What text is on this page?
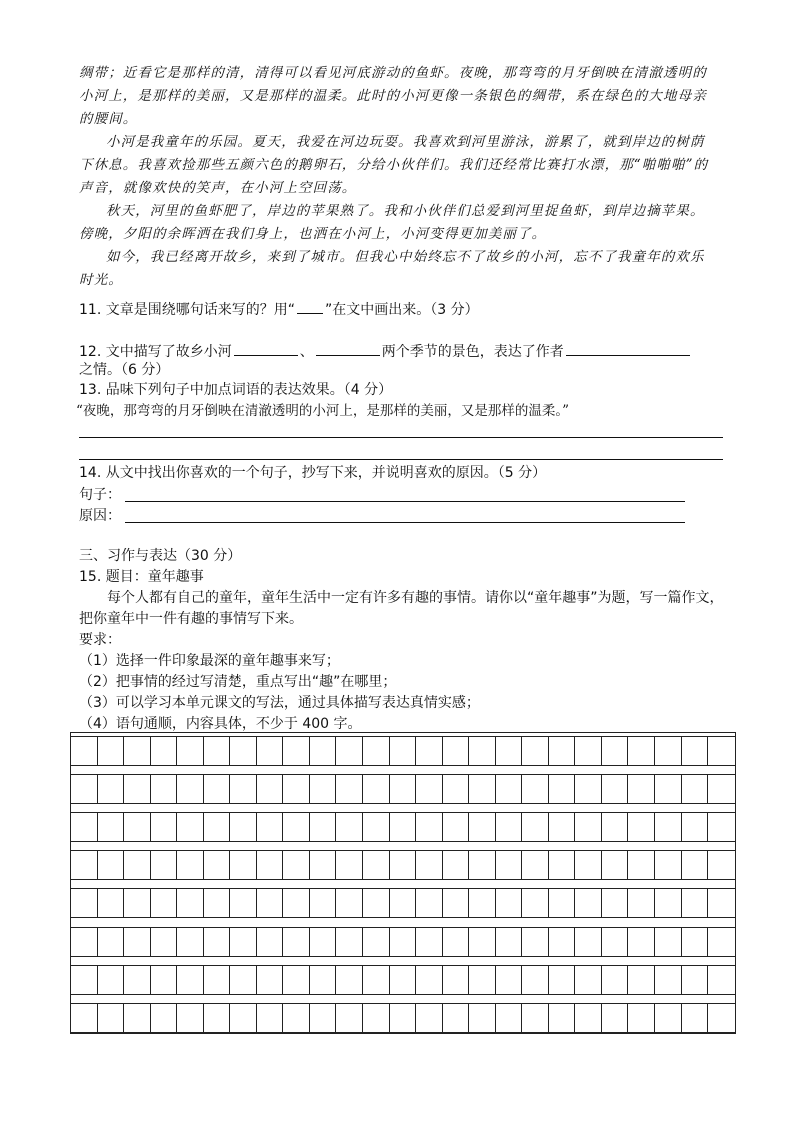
绸带；近看它是那样的清，清得可以看见河底游动的鱼虾。夜晚，那弯弯的月牙倒映在清澈透明的小河上，是那样的美丽，又是那样的温柔。此时的小河更像一条银色的绸带，系在绿色的大地母亲的腰间。

小河是我童年的乐园。夏天，我爱在河边玩耍。我喜欢到河里游泳，游累了，就到岸边的树荫下休息。我喜欢捡那些五颜六色的鹅卵石，分给小伙伴们。我们还经常比赛打水漂，那“啪啪啪”的声音，就像欢快的笑声，在小河上空回荡。

秋天，河里的鱼虾肥了，岸边的苹果熟了。我和小伙伴们总爱到河里捉鱼虾，到岸边摘苹果。傍晚，夕阳的余晖洒在我们身上，也洒在小河上，小河变得更加美丽了。

如今，我已经离开故乡，来到了城市。但我心中始终忘不了故乡的小河，忘不了我童年的欢乐时光。

11. 文章是围绕哪句话来写的？用“ ”在文中画出来。（3 分）
12. 文中描写了故乡小河	、	两个季节的景色，表达了作者
之情。（6 分）
13. 品味下列句子中加点词语的表达效果。（4 分）
“夜晚，那弯弯的月牙倒映在清澈透明的小河上，是那样的美丽，又是那样的温柔。”
14. 从文中找出你喜欢的一个句子，抄写下来，并说明喜欢的原因。（5 分）
句子：
原因：

三、习作与表达（30 分）

15. 题目：童年趣事

每个人都有自己的童年，童年生活中一定有许多有趣的事情。请你以“童年趣事”为题，写一篇作文，把你童年中一件有趣的事情写下来。

要求：

（1）选择一件印象最深的童年趣事来写；

（2）把事情的经过写清楚，重点写出“趣”在哪里；

（3）可以学习本单元课文的写法，通过具体描写表达真情实感；

（4）语句通顺，内容具体，不少于 400 字。
